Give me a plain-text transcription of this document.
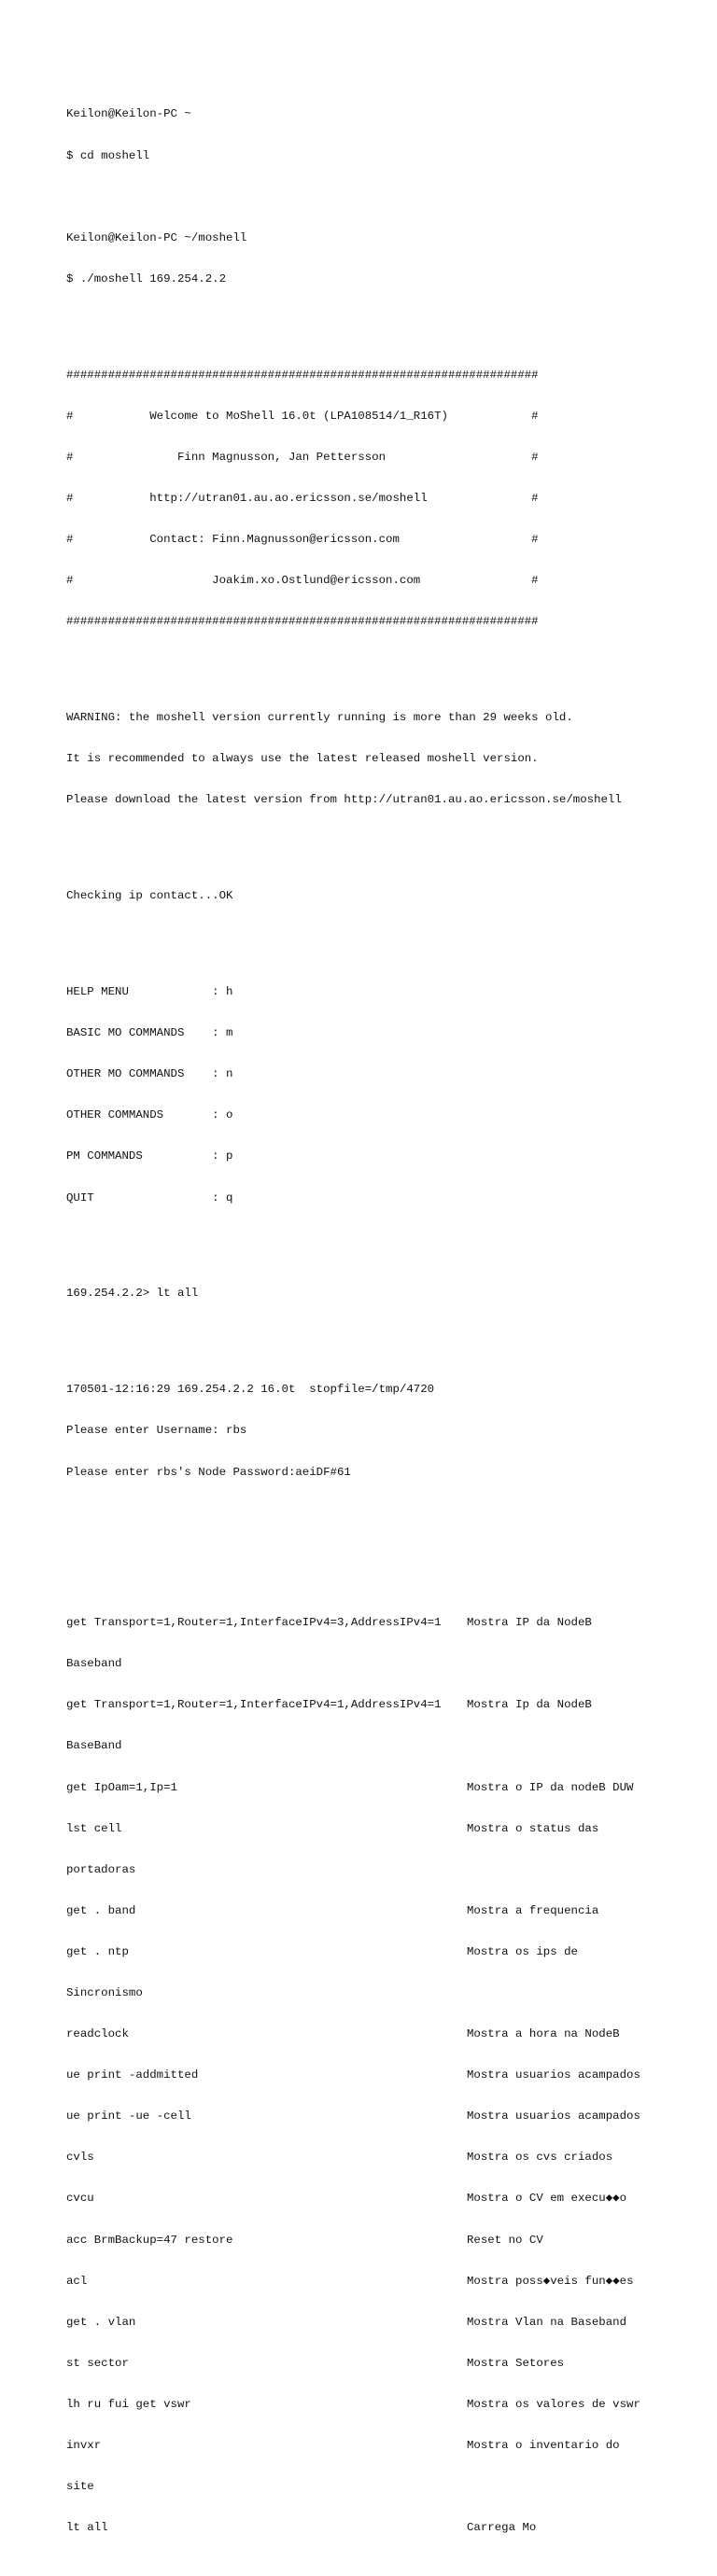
Keilon@Keilon-PC ~

$ cd moshell

Keilon@Keilon-PC ~/moshell

$ ./moshell 169.254.2.2

####################################################################

#           Welcome to MoShell 16.0t (LPA108514/1_R16T)            #

#               Finn Magnusson, Jan Pettersson                     #

#           http://utran01.au.ao.ericsson.se/moshell               #

#           Contact: Finn.Magnusson@ericsson.com                   #

#                    Joakim.xo.Ostlund@ericsson.com                #

####################################################################

WARNING: the moshell version currently running is more than 29 weeks old.

It is recommended to always use the latest released moshell version.

Please download the latest version from http://utran01.au.ao.ericsson.se/moshell

Checking ip contact...OK

HELP MENU            : h

BASIC MO COMMANDS    : m

OTHER MO COMMANDS    : n

OTHER COMMANDS       : o

PM COMMANDS          : p

QUIT                 : q

169.254.2.2> lt all

170501-12:16:29 169.254.2.2 16.0t  stopfile=/tmp/4720

Please enter Username: rbs

Please enter rbs's Node Password:aeiDF#61

get Transport=1,Router=1,InterfaceIPv4=3,AddressIPv4=1	Mostra IP da NodeB

Baseband

get Transport=1,Router=1,InterfaceIPv4=1,AddressIPv4=1	Mostra Ip da NodeB

BaseBand

get IpOam=1,Ip=1	Mostra o IP da nodeB DUW

lst cell	Mostra o status das

portadoras

get . band	Mostra a frequencia

get . ntp	Mostra os ips de

Sincronismo

readclock	Mostra a hora na NodeB

ue print -addmitted	Mostra usuarios acampados

ue print -ue -cell	Mostra usuarios acampados

cvls	Mostra os cvs criados

cvcu	Mostra o CV em execu◆◆o

acc BrmBackup=47 restore	Reset no CV

acl	Mostra poss◆veis fun◆◆es

get . vlan	Mostra Vlan na Baseband

st sector	Mostra Setores

lh ru fui get vswr	Mostra os valores de vswr

invxr	Mostra o inventario do

site

lt all	Carrega Mo
